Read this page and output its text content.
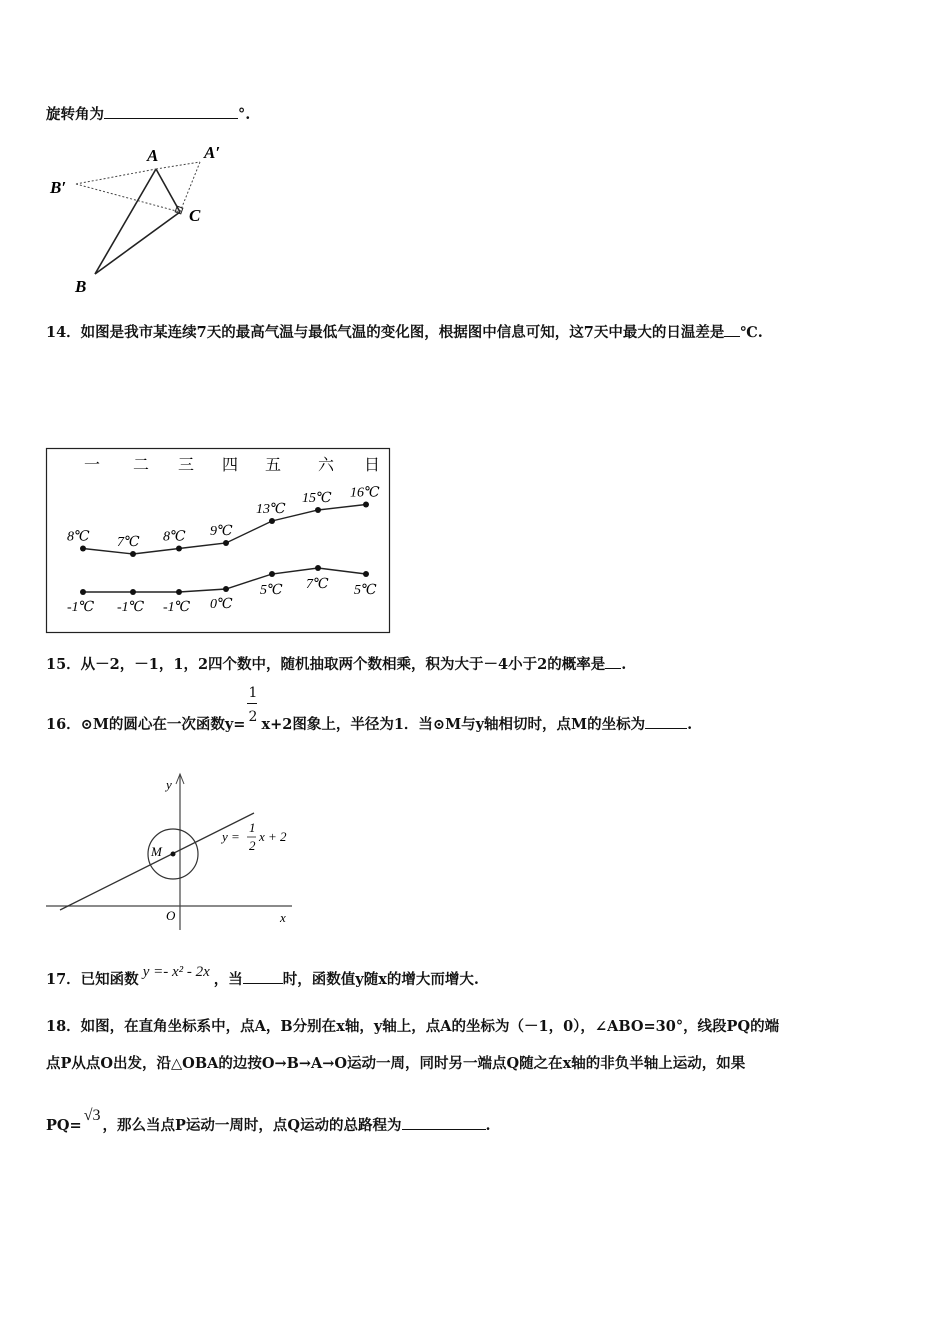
旋转角为	°.
A	A′
B′
C
B
14．如图是我市某连续7天的最高气温与最低气温的变化图，根据图中信息可知，这7天中最大的日温差是 ℃.
一 二 三 四 五 六 日
8℃ 7℃ 8℃ 9℃
13℃
15℃ 16℃
-1℃ -1℃ -1℃ 0℃
5℃ 7℃ 5℃
15．从－2，－1，1，2四个数中，随机抽取两个数相乘，积为大于－4小于2的概率是 .
16．⊙M的圆心在一次函数$y= \frac{1}{2} x+2$图象上，半径为1．当⊙M与y轴相切时，点M的坐标为	.
y
x
O
M
y =
1
2
x + 2
17．已知函数 y =- x² - 2x ，当	时，函数值y随x的增大而增大.
18．如图，在直角坐标系中，点A，B分别在x轴，y轴上，点A的坐标为（－1，0），∠ABO=30°，线段PQ的端
点P从点O出发，沿△OBA的边按O→B→A→O运动一周，同时另一端点Q随之在x轴的非负半轴上运动，如果
PQ=√3，那么当点P运动一周时，点Q运动的总路程为	.
